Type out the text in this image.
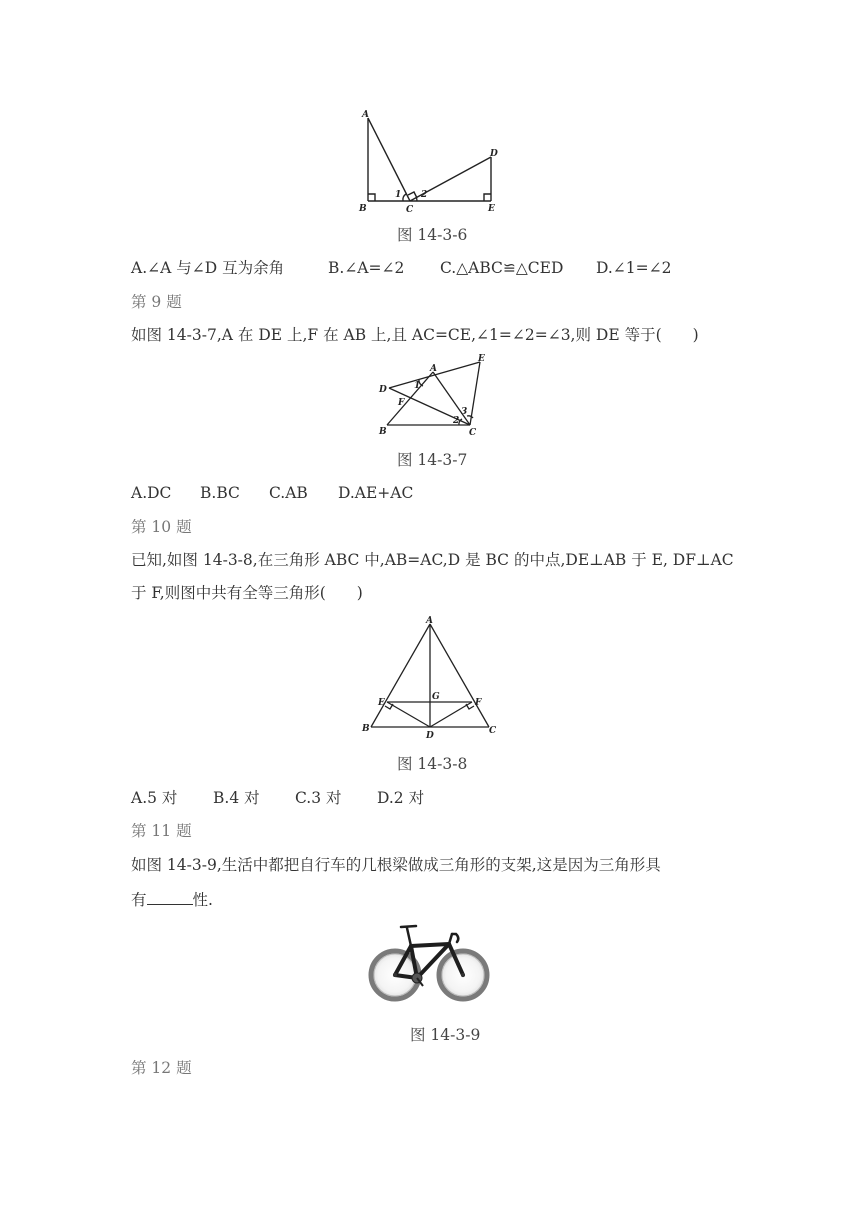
A
B	C
D
E
1 2
图 14-3-6
A.∠A 与∠D 互为余角	B.∠A=∠2 C.△ABC≌△CED D.∠1=∠2
第 9 题
如图 14-3-7,A 在 DE 上,F 在 AB 上,且 AC=CE,∠1=∠2=∠3,则 DE 等于(　　)
1
2
3
A
B	C
D
E
F
图 14-3-7
A.DC B.BC C.AB D.AE+AC
第 10 题
已知,如图 14-3-8,在三角形 ABC 中,AB=AC,D 是 BC 的中点,DE⊥AB 于 E, DF⊥AC
于 F,则图中共有全等三角形(　　)
A
B	C
D
E	F
G
图 14-3-8
A.5 对 B.4 对 C.3 对 D.2 对
第 11 题
如图 14-3-9,生活中都把自行车的几根梁做成三角形的支架,这是因为三角形具
有	性.
图 14-3-9
第 12 题
